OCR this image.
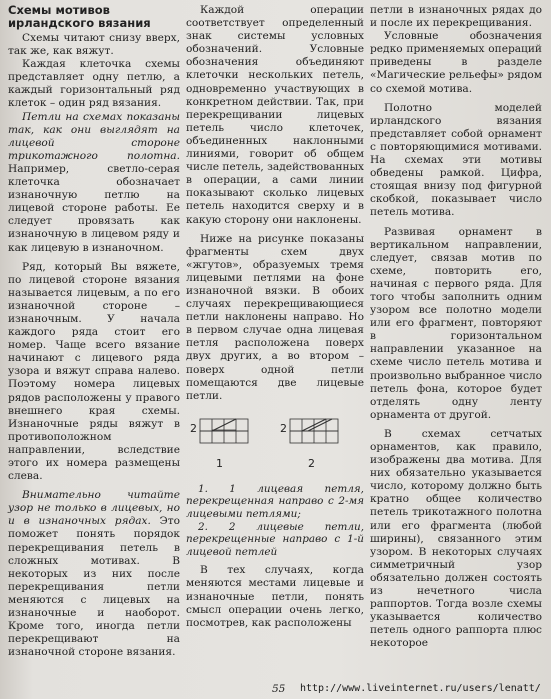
Схемы мотивов
ирландского вязания

Схемы читают снизу вверх, так же, как вяжут.

Каждая клеточка схемы представляет одну петлю, а каждый горизонтальный ряд клеток – один ряд вязания.

Петли на схемах показаны так, как они выглядят на лицевой стороне трикотажного полотна. Например, светло-серая клеточка обозначает изнаночную петлю на лицевой стороне работы. Ее следует провязать как изнаночную в лицевом ряду и как лицевую в изнаночном.

Ряд, который Вы вяжете, по лицевой стороне вязания называется лицевым, а по его изнаночной стороне – изнаночным. У начала каждого ряда стоит его номер. Чаще всего вязание начинают с лицевого ряда узора и вяжут справа налево. Поэтому номера лицевых рядов расположены у правого внешнего края схемы. Изнаночные ряды вяжут в противоположном направлении, вследствие этого их номера размещены слева.

Внимательно читайте узор не только в лицевых, но и в изнаночных рядах. Это поможет понять порядок перекрещивания петель в сложных мотивах. В некоторых из них после перекрещивания петли меняются с лицевых на изнаночные и наоборот. Кроме того, иногда петли перекрещивают на изнаночной стороне вязания.

Каждой операции соответствует определенный знак системы условных обозначений. Условные обозначения объединяют клеточки нескольких петель, одновременно участвующих в конкретном действии. Так, при перекрещивании лицевых петель число клеточек, объединенных наклонными линиями, говорит об общем числе петель, задействованных в операции, а сами линии показывают сколько лицевых петель находится сверху и в какую сторону они наклонены.

Ниже на рисунке показаны фрагменты схем двух «жгутов», образуемых тремя лицевыми петлями на фоне изнаночной вязки. В обоих случаях перекрещивающиеся петли наклонены направо. Но в первом случае одна лицевая петля расположена поверх двух других, а во втором – поверх одной петли помещаются две лицевые петли.

2
1
2
2

1. 1 лицевая петля, перекрещенная направо с 2-мя лицевыми петлями;

2. 2 лицевые петли, перекрещенные направо с 1-й лицевой петлей

В тех случаях, когда меняются местами лицевые и изнаночные петли, понять смысл операции очень легко, посмотрев, как расположены

петли в изнаночных рядах до и после их перекрещивания.

Условные обозначения редко применяемых операций приведены в разделе «Магические рельефы» рядом со схемой мотива.

Полотно моделей ирландского вязания представляет собой орнамент с повторяющимися мотивами. На схемах эти мотивы обведены рамкой. Цифра, стоящая внизу под фигурной скобкой, показывает число петель мотива.

Развивая орнамент в вертикальном направлении, следует, связав мотив по схеме, повторить его, начиная с первого ряда. Для того чтобы заполнить одним узором все полотно модели или его фрагмент, повторяют в горизонтальном направлении указанное на схеме число петель мотива и произвольно выбранное число петель фона, которое будет отделять одну ленту орнамента от другой.

В схемах сетчатых орнаментов, как правило, изображены два мотива. Для них обязательно указывается число, которому должно быть кратно общее количество петель трикотажного полотна или его фрагмента (любой ширины), связанного этим узором. В некоторых случаях симметричный узор обязательно должен состоять из нечетного числа раппортов. Тогда возле схемы указывается количество петель одного раппорта плюс некоторое

55 http://www.liveinternet.ru/users/lenatt/
